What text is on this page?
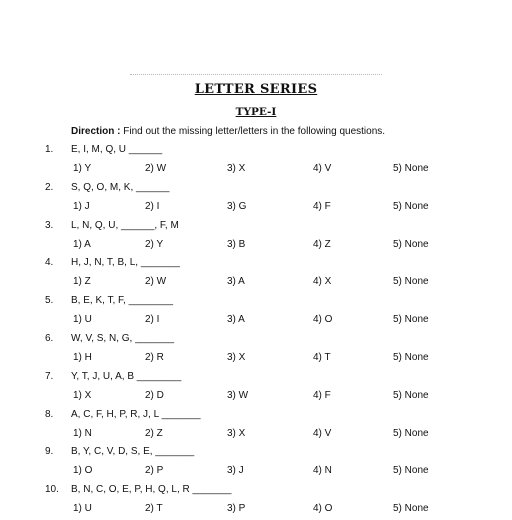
LETTER SERIES
TYPE-I
Direction : Find out the missing letter/letters in the following questions.
1. E, I, M, Q, U ______
1) Y	2) W	3) X	4) V	5) None
2. S, Q, O, M, K, ______
1) J	2) I	3) G	4) F	5) None
3. L, N, Q, U, ______, F, M
1) A	2) Y	3) B	4) Z	5) None
4. H, J, N, T, B, L, _______
1) Z	2) W	3) A	4) X	5) None
5. B, E, K, T, F, ________
1) U	2) I	3) A	4) O	5) None
6. W, V, S, N, G, _______
1) H	2) R	3) X	4) T	5) None
7. Y, T, J, U, A, B ________
1) X	2) D	3) W	4) F	5) None
8. A, C, F, H, P, R, J, L _______
1) N	2) Z	3) X	4) V	5) None
9. B, Y, C, V, D, S, E, _______
1) O	2) P	3) J	4) N	5) None
10. B, N, C, O, E, P, H, Q, L, R _______
1) U	2) T	3) P	4) O	5) None
